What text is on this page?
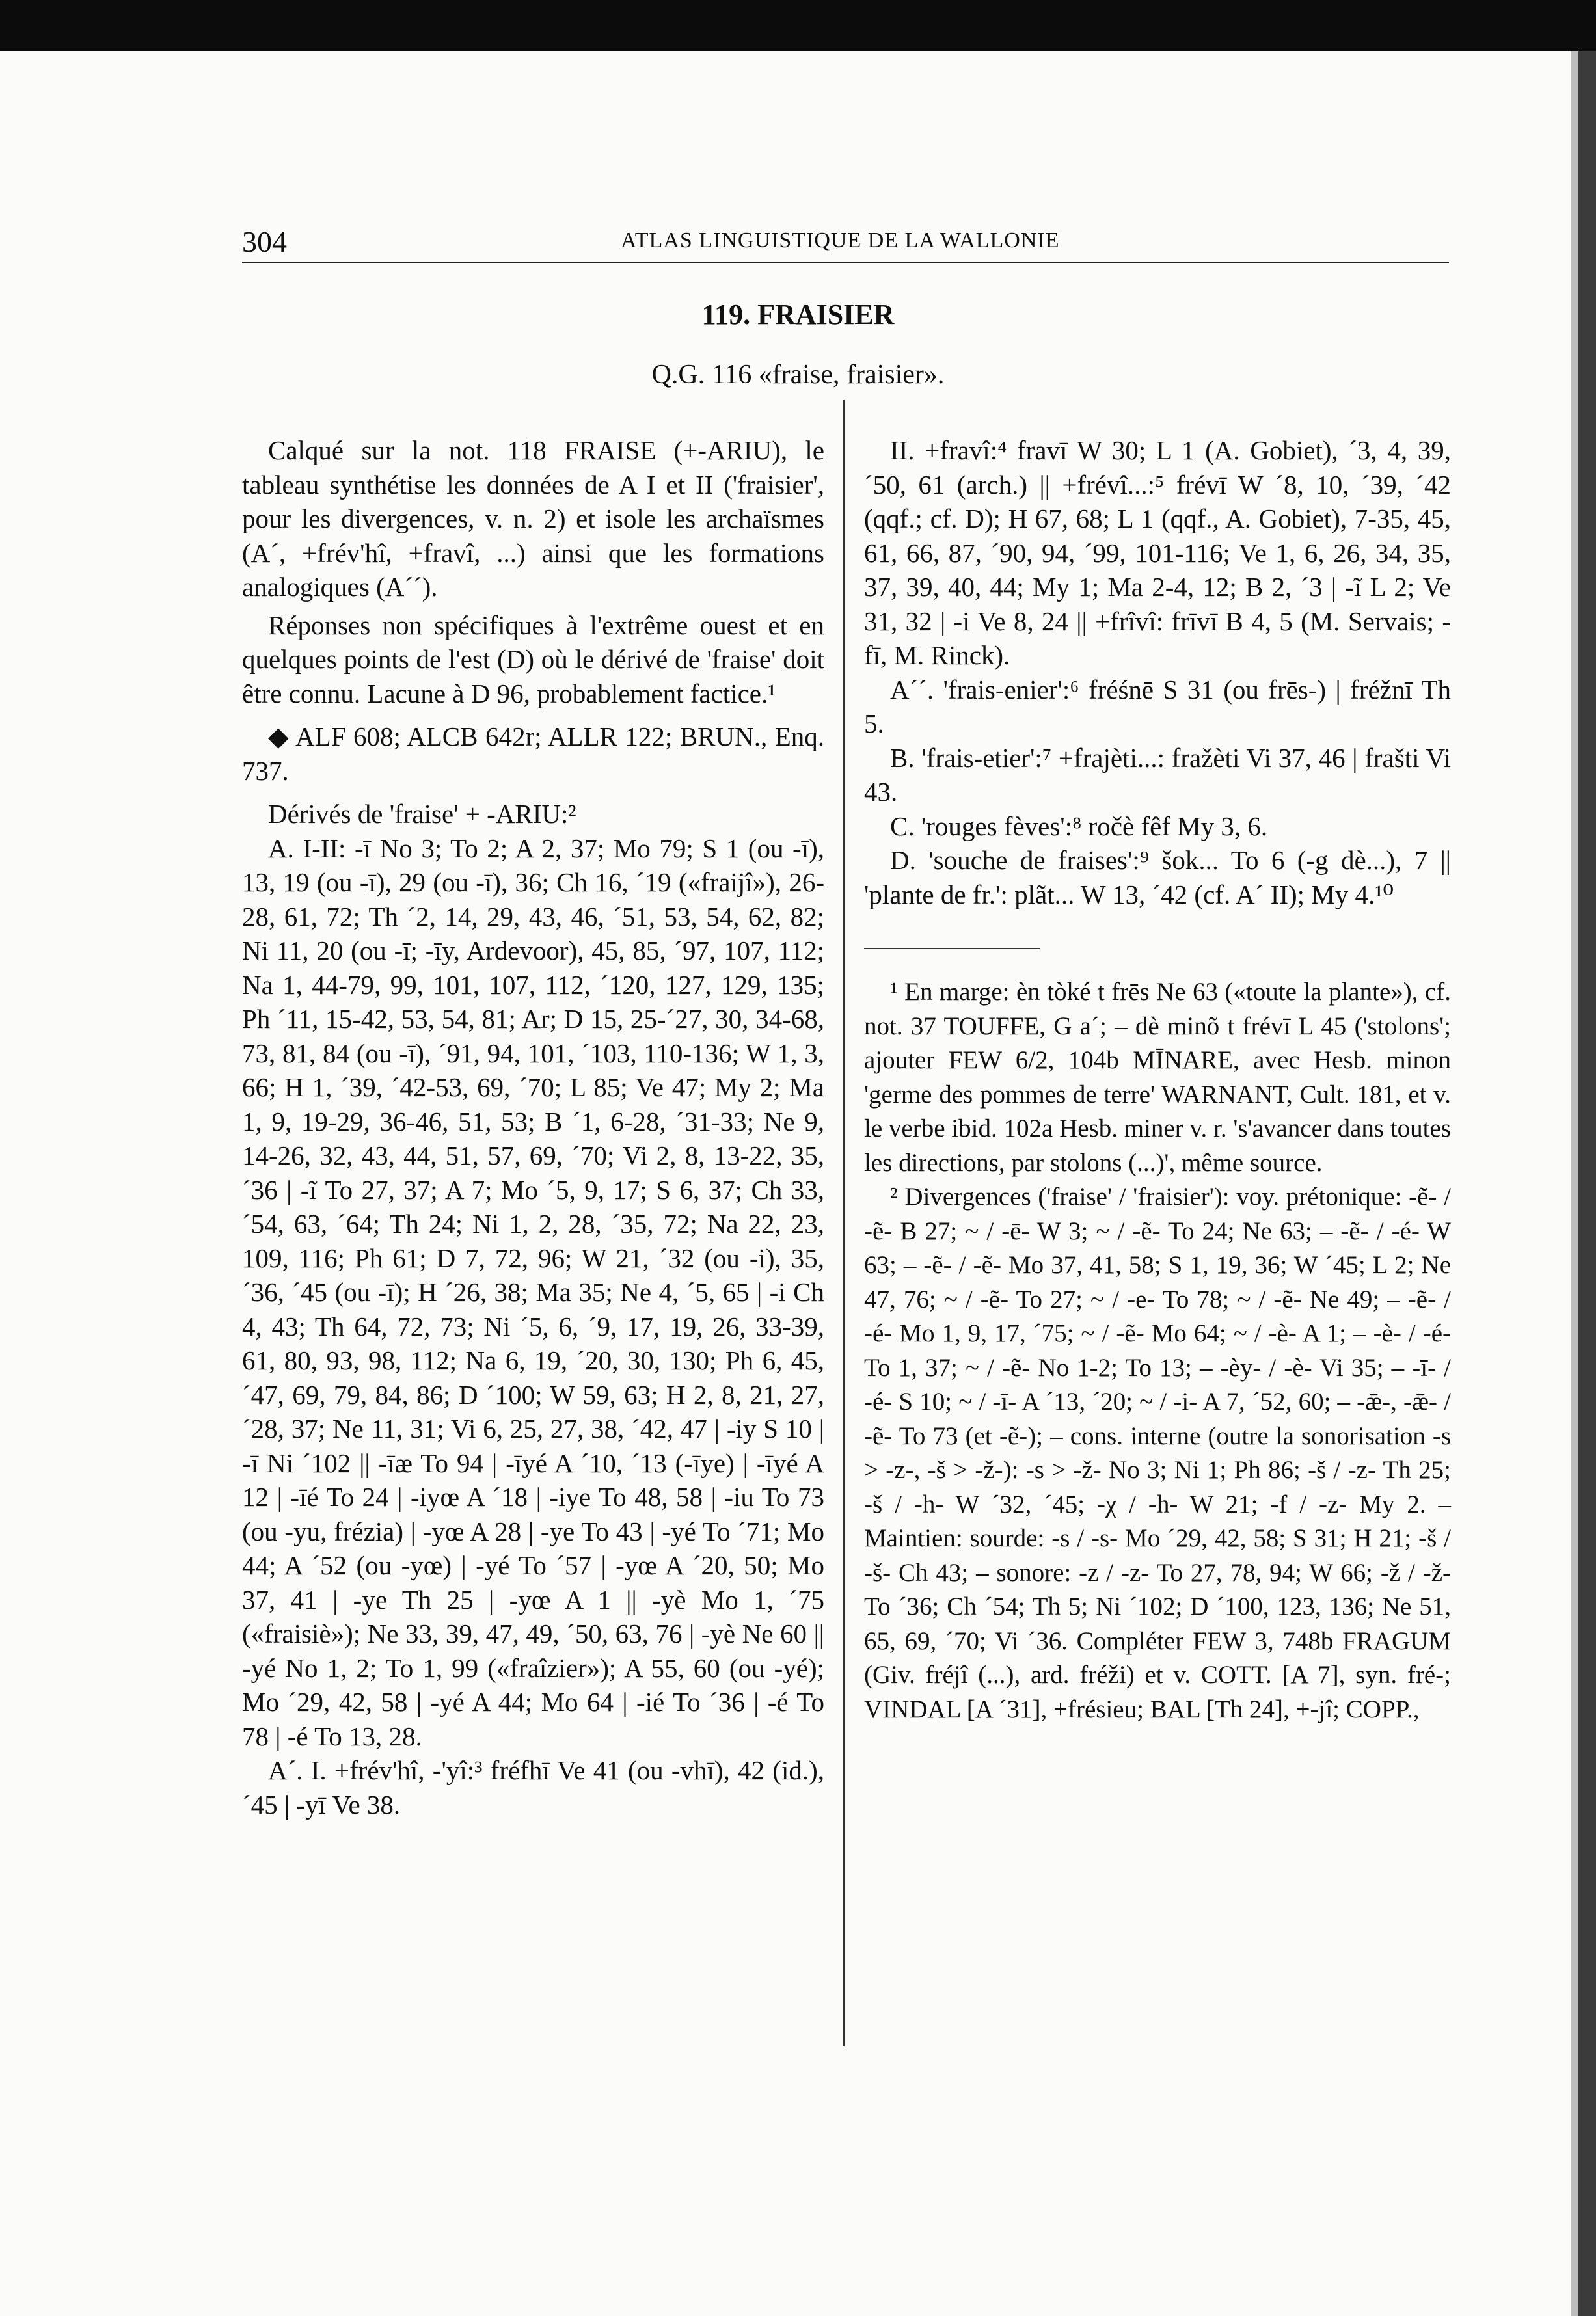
304	ATLAS LINGUISTIQUE DE LA WALLONIE
119. FRAISIER
Q.G. 116 «fraise, fraisier».

Calqué sur la not. 118 FRAISE (+-ARIU), le tableau synthétise les données de A I et II ('fraisier', pour les divergences, v. n. 2) et isole les archaïsmes (A´, +frév'hî, +fravî, ...) ainsi que les formations analogiques (A´´).

Réponses non spécifiques à l'extrême ouest et en quelques points de l'est (D) où le dérivé de 'fraise' doit être connu. Lacune à D 96, probablement factice.¹

◆ ALF 608; ALCB 642r; ALLR 122; BRUN., Enq. 737.

Dérivés de 'fraise' + -ARIU:²

A. I-II: -ī No 3; To 2; A 2, 37; Mo 79; S 1 (ou -ī), 13, 19 (ou -ī), 29 (ou -ī), 36; Ch 16, ´19 («fraijî»), 26-28, 61, 72; Th ´2, 14, 29, 43, 46, ´51, 53, 54, 62, 82; Ni 11, 20 (ou -ī; -īy, Ardevoor), 45, 85, ´97, 107, 112; Na 1, 44-79, 99, 101, 107, 112, ´120, 127, 129, 135; Ph ´11, 15-42, 53, 54, 81; Ar; D 15, 25-´27, 30, 34-68, 73, 81, 84 (ou -ī), ´91, 94, 101, ´103, 110-136; W 1, 3, 66; H 1, ´39, ´42-53, 69, ´70; L 85; Ve 47; My 2; Ma 1, 9, 19-29, 36-46, 51, 53; B ´1, 6-28, ´31-33; Ne 9, 14-26, 32, 43, 44, 51, 57, 69, ´70; Vi 2, 8, 13-22, 35, ´36 | -ĩ To 27, 37; A 7; Mo ´5, 9, 17; S 6, 37; Ch 33, ´54, 63, ´64; Th 24; Ni 1, 2, 28, ´35, 72; Na 22, 23, 109, 116; Ph 61; D 7, 72, 96; W 21, ´32 (ou -i), 35, ´36, ´45 (ou -ī); H ´26, 38; Ma 35; Ne 4, ´5, 65 | -i Ch 4, 43; Th 64, 72, 73; Ni ´5, 6, ´9, 17, 19, 26, 33-39, 61, 80, 93, 98, 112; Na 6, 19, ´20, 30, 130; Ph 6, 45, ´47, 69, 79, 84, 86; D ´100; W 59, 63; H 2, 8, 21, 27, ´28, 37; Ne 11, 31; Vi 6, 25, 27, 38, ´42, 47 | -iy S 10 | -ī Ni ´102 || -īæ To 94 | -īyé A ´10, ´13 (-īye) | -īyé A 12 | -īé To 24 | -iyœ A ´18 | -iye To 48, 58 | -iu To 73 (ou -yu, frézia) | -yœ A 28 | -ye To 43 | -yé To ´71; Mo 44; A ´52 (ou -yœ) | -yé To ´57 | -yœ A ´20, 50; Mo 37, 41 | -ye Th 25 | -yœ A 1 || -yè Mo 1, ´75 («fraisiè»); Ne 33, 39, 47, 49, ´50, 63, 76 | -yè Ne 60 || -yé No 1, 2; To 1, 99 («fraîzier»); A 55, 60 (ou -yé); Mo ´29, 42, 58 | -yé A 44; Mo 64 | -ié To ´36 | -é To 78 | -é To 13, 28.

A´. I. +frév'hî, -'yî:³ fréfhī Ve 41 (ou -vhī), 42 (id.), ´45 | -yī Ve 38.

II. +fravî:⁴ fravī W 30; L 1 (A. Gobiet), ´3, 4, 39, ´50, 61 (arch.) || +frévî...:⁵ frévī W ´8, 10, ´39, ´42 (qqf.; cf. D); H 67, 68; L 1 (qqf., A. Gobiet), 7-35, 45, 61, 66, 87, ´90, 94, ´99, 101-116; Ve 1, 6, 26, 34, 35, 37, 39, 40, 44; My 1; Ma 2-4, 12; B 2, ´3 | -ĩ L 2; Ve 31, 32 | -i Ve 8, 24 || +frîvî: frīvī B 4, 5 (M. Servais; -fī, M. Rinck).

A´´. 'frais-enier':⁶ fréśnē S 31 (ou frēs-) | fréžnī Th 5.

B. 'frais-etier':⁷ +frajèti...: fražèti Vi 37, 46 | frašti Vi 43.

C. 'rouges fèves':⁸ ročè fêf My 3, 6.

D. 'souche de fraises':⁹ šok... To 6 (-g dè...), 7 || 'plante de fr.': plãt... W 13, ´42 (cf. A´ II); My 4.¹⁰

¹ En marge: èn tòké t frēs Ne 63 («toute la plante»), cf. not. 37 TOUFFE, G a´; – dè minõ t frévī L 45 ('stolons'; ajouter FEW 6/2, 104b MĪNARE, avec Hesb. minon 'germe des pommes de terre' WARNANT, Cult. 181, et v. le verbe ibid. 102a Hesb. miner v. r. 's'avancer dans toutes les directions, par stolons (...)', même source.

² Divergences ('fraise' / 'fraisier'): voy. prétonique: -ẽ- / -ẽ- B 27; ~ / -ē- W 3; ~ / -ẽ- To 24; Ne 63; – -ẽ- / -é- W 63; – -ẽ- / -ẽ- Mo 37, 41, 58; S 1, 19, 36; W ´45; L 2; Ne 47, 76; ~ / -ẽ- To 27; ~ / -e- To 78; ~ / -ẽ- Ne 49; – -ẽ- / -é- Mo 1, 9, 17, ´75; ~ / -ẽ- Mo 64; ~ / -è- A 1; – -è- / -é- To 1, 37; ~ / -ẽ- No 1-2; To 13; – -èy- / -è- Vi 35; – -ī- / -é- S 10; ~ / -ī- A ´13, ´20; ~ / -i- A 7, ´52, 60; – -ǣ-, -ǣ- / -ẽ- To 73 (et -ẽ-); – cons. interne (outre la sonorisation -s > -z-, -š > -ž-): -s > -ž- No 3; Ni 1; Ph 86; -š / -z- Th 25; -š / -h- W ´32, ´45; -χ / -h- W 21; -f / -z- My 2. – Maintien: sourde: -s / -s- Mo ´29, 42, 58; S 31; H 21; -š / -š- Ch 43; – sonore: -z / -z- To 27, 78, 94; W 66; -ž / -ž- To ´36; Ch ´54; Th 5; Ni ´102; D ´100, 123, 136; Ne 51, 65, 69, ´70; Vi ´36. Compléter FEW 3, 748b FRAGUM (Giv. fréjî (...), ard. fréži) et v. COTT. [A 7], syn. fré-; VINDAL [A ´31], +frésieu; BAL [Th 24], +-jî; COPP.,
